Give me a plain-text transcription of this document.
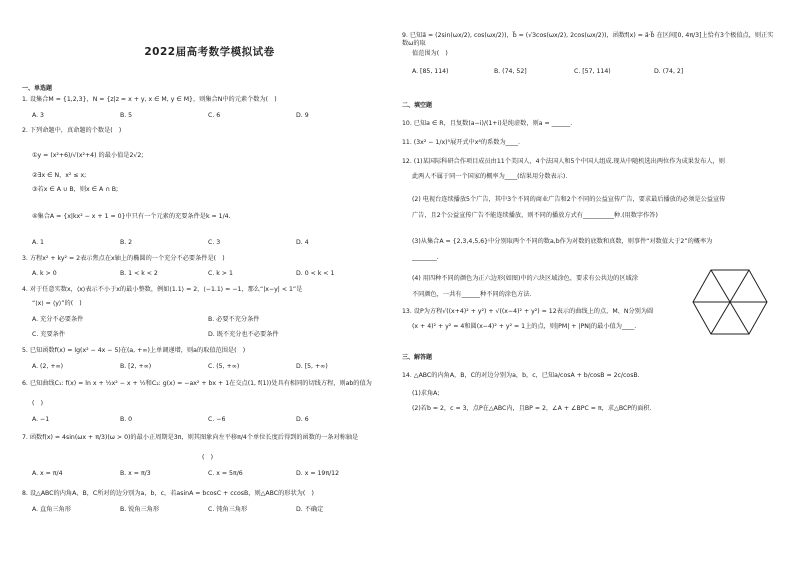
2022届高考数学模拟试卷
一、单选题
1. 设集合M = {1,2,3}，N = {z|z = x + y, x ∈ M, y ∈ M}，则集合N中的元素个数为(　)
A. 3	B. 5	C. 6	D. 9
2. 下列命题中，真命题的个数是(　)
①y = (x²+6)/√(x²+4) 的最小值是2√2;
②∃x ∈ N，x² ≤ x;
③若x ∈ A ∪ B，则x ∈ A ∩ B;
④集合A = {x|kx² − x + 1 = 0}中只有一个元素的充要条件是k = 1/4.
A. 1	B. 2	C. 3	D. 4
3. 方程x² + ky² = 2表示焦点在x轴上的椭圆的一个充分不必要条件是(　)
A. k > 0	B. 1 < k < 2	C. k > 1	D. 0 < k < 1
4. 对于任意实数x，⟨x⟩表示不小于x的最小整数，例如⟨1.1⟩ = 2，⟨−1.1⟩ = −1，那么“|x−y| < 1”是
“⟨x⟩ = ⟨y⟩”的(　)
A. 充分不必要条件	B. 必要不充分条件
C. 充要条件	D. 既不充分也不必要条件
5. 已知函数f(x) = lg(x² − 4x − 5)在(a, +∞)上单调递增，则a的取值范围是(　)
A. (2, +∞)	B. [2, +∞)	C. (5, +∞)	D. [5, +∞)
6. 已知曲线C₁: f(x) = ln x + ½x² − x + ½和C₂: g(x) = −ax² + bx + 1在交点(1, f(1))处具有相同的切线方程，则ab的值为
(　)
A. −1	B. 0	C. −6	D. 6
7. 函数f(x) = 4sin(ωx + π/3)(ω > 0)的最小正周期是3π，则其图象向左平移π/4个单位长度后得到的函数的一条对称轴是
(　)
A. x = π/4	B. x = π/3	C. x = 5π/6	D. x = 19π/12
8. 设△ABC的内角A，B，C所对的边分别为a，b，c，若asinA = bcosC + ccosB，则△ABC的形状为(　)
A. 直角三角形	B. 锐角三角形	C. 钝角三角形	D. 不确定
9. 已知a⃗ = (2sin(ωx/2), cos(ωx/2))，b⃗ = (√3cos(ωx/2), 2cos(ωx/2))，函数f(x) = a⃗·b⃗ 在区间[0, 4π/3]上恰有3个极值点，则正实数ω的取
值范围为(　)
A. [85, 114)	B. (74, 52]	C. [57, 114)	D. (74, 2]
二、填空题
10. 已知a ∈ R，且复数(a−i)/(1+i)是纯虚数，则a = ______.
11. (3x² − 1/x)⁵展开式中x⁴的系数为____.
12. (1)某国际科研合作项目成员由11个美国人，4个法国人和5个中国人组成.现从中随机选出两位作为成果发布人，则
此两人不属于同一个国家的概率为____(结果用分数表示).
(2) 电视台连续播放5个广告，其中3个不同的商业广告和2个不同的公益宣传广告，要求最后播放的必须是公益宣传
广告，且2个公益宣传广告不能连续播放，则不同的播放方式有__________种.(用数字作答)
(3)从集合A = {2,3,4,5,6}中分别取两个不同的数a,b作为对数的底数和真数，则事件“对数值大于2”的概率为
________.
(4) 用四种不同的颜色为正六边形(如图)中的六块区域涂色，要求有公共边的区域涂
不同颜色，一共有______种不同的涂色方法.
13. 设P为方程√((x+4)² + y²) + √((x−4)² + y²) = 12表示的曲线上的点，M、N分别为圆
(x + 4)² + y² = 4和圆(x−4)² + y² = 1上的点，则|PM| + |PN|的最小值为____.
三、解答题
14. △ABC的内角A，B，C的对边分别为a，b，c，已知a/cosA + b/cosB = 2c/cosB.
(1)求角A;
(2)若b = 2，c = 3，点P在△ABC内，且BP = 2，∠A + ∠BPC = π，求△BCP的面积.
